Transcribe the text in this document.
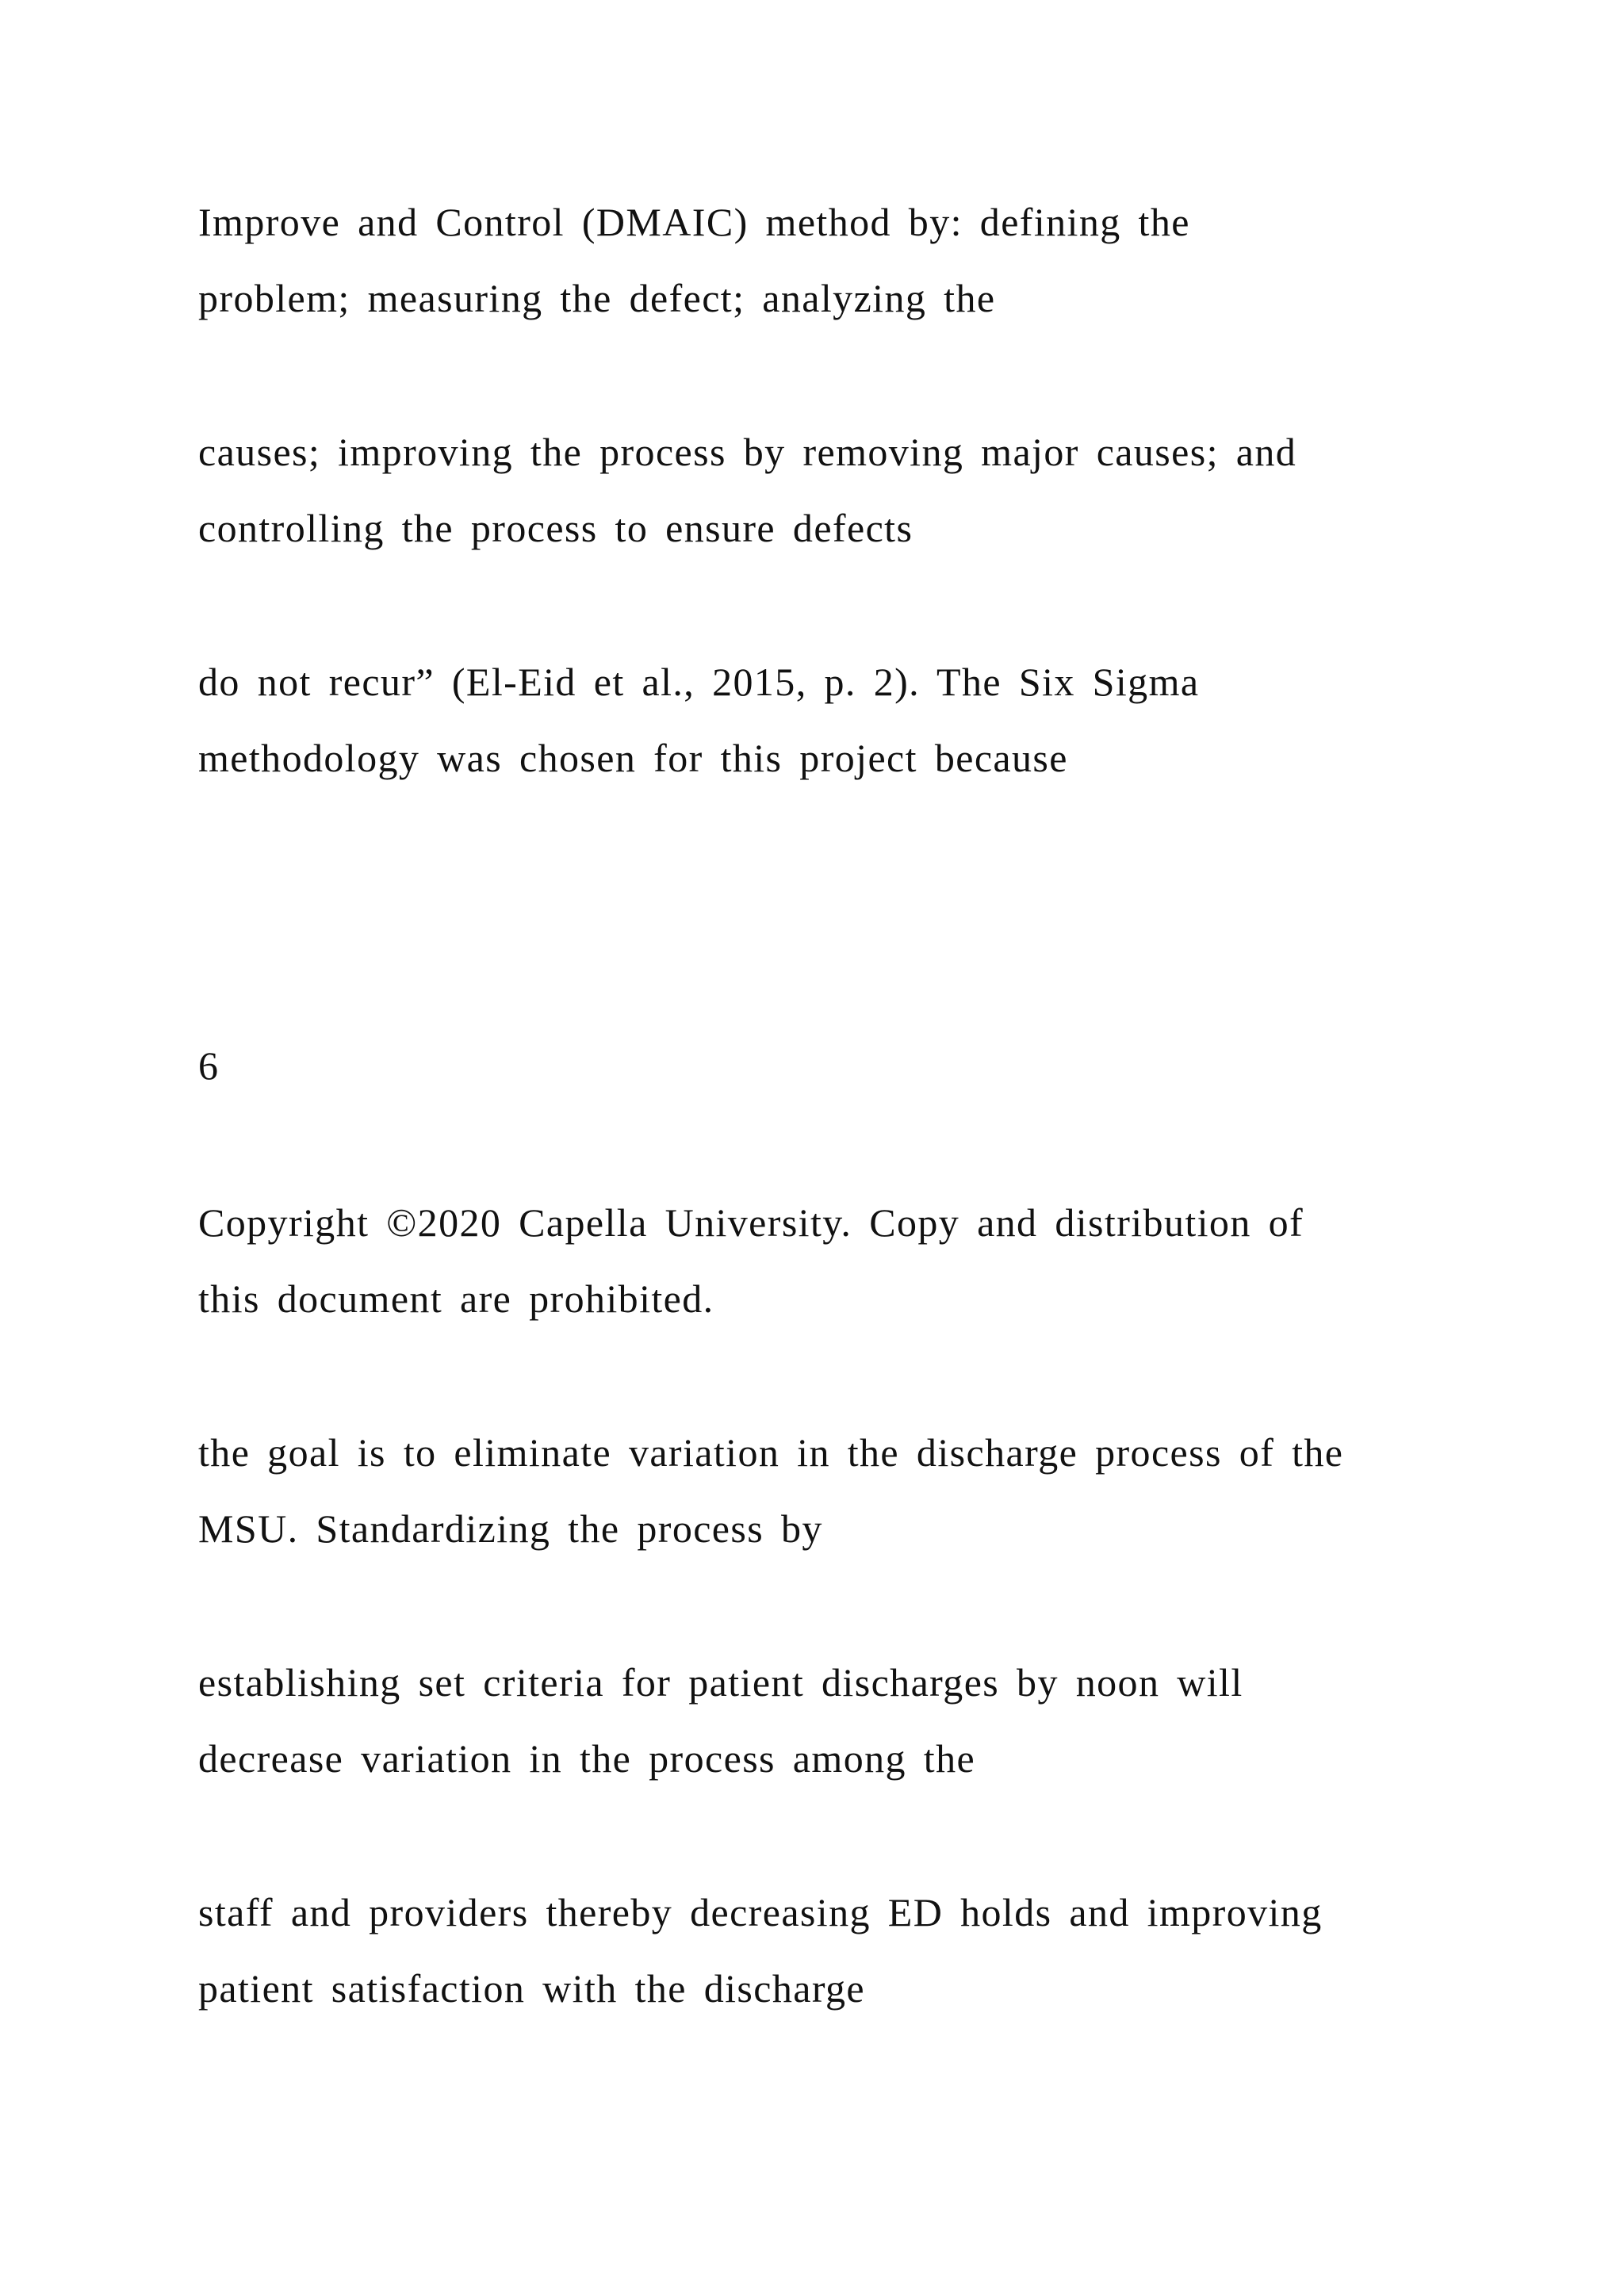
Improve and Control (DMAIC) method by: defining the
problem; measuring the defect; analyzing the
causes; improving the process by removing major causes; and
controlling the process to ensure defects
do not recur” (El-Eid et al., 2015, p. 2). The Six Sigma
methodology was chosen for this project because
6
Copyright ©2020 Capella University. Copy and distribution of
this document are prohibited.
the goal is to eliminate variation in the discharge process of the
MSU. Standardizing the process by
establishing set criteria for patient discharges by noon will
decrease variation in the process among the
staff and providers thereby decreasing ED holds and improving
patient satisfaction with the discharge
